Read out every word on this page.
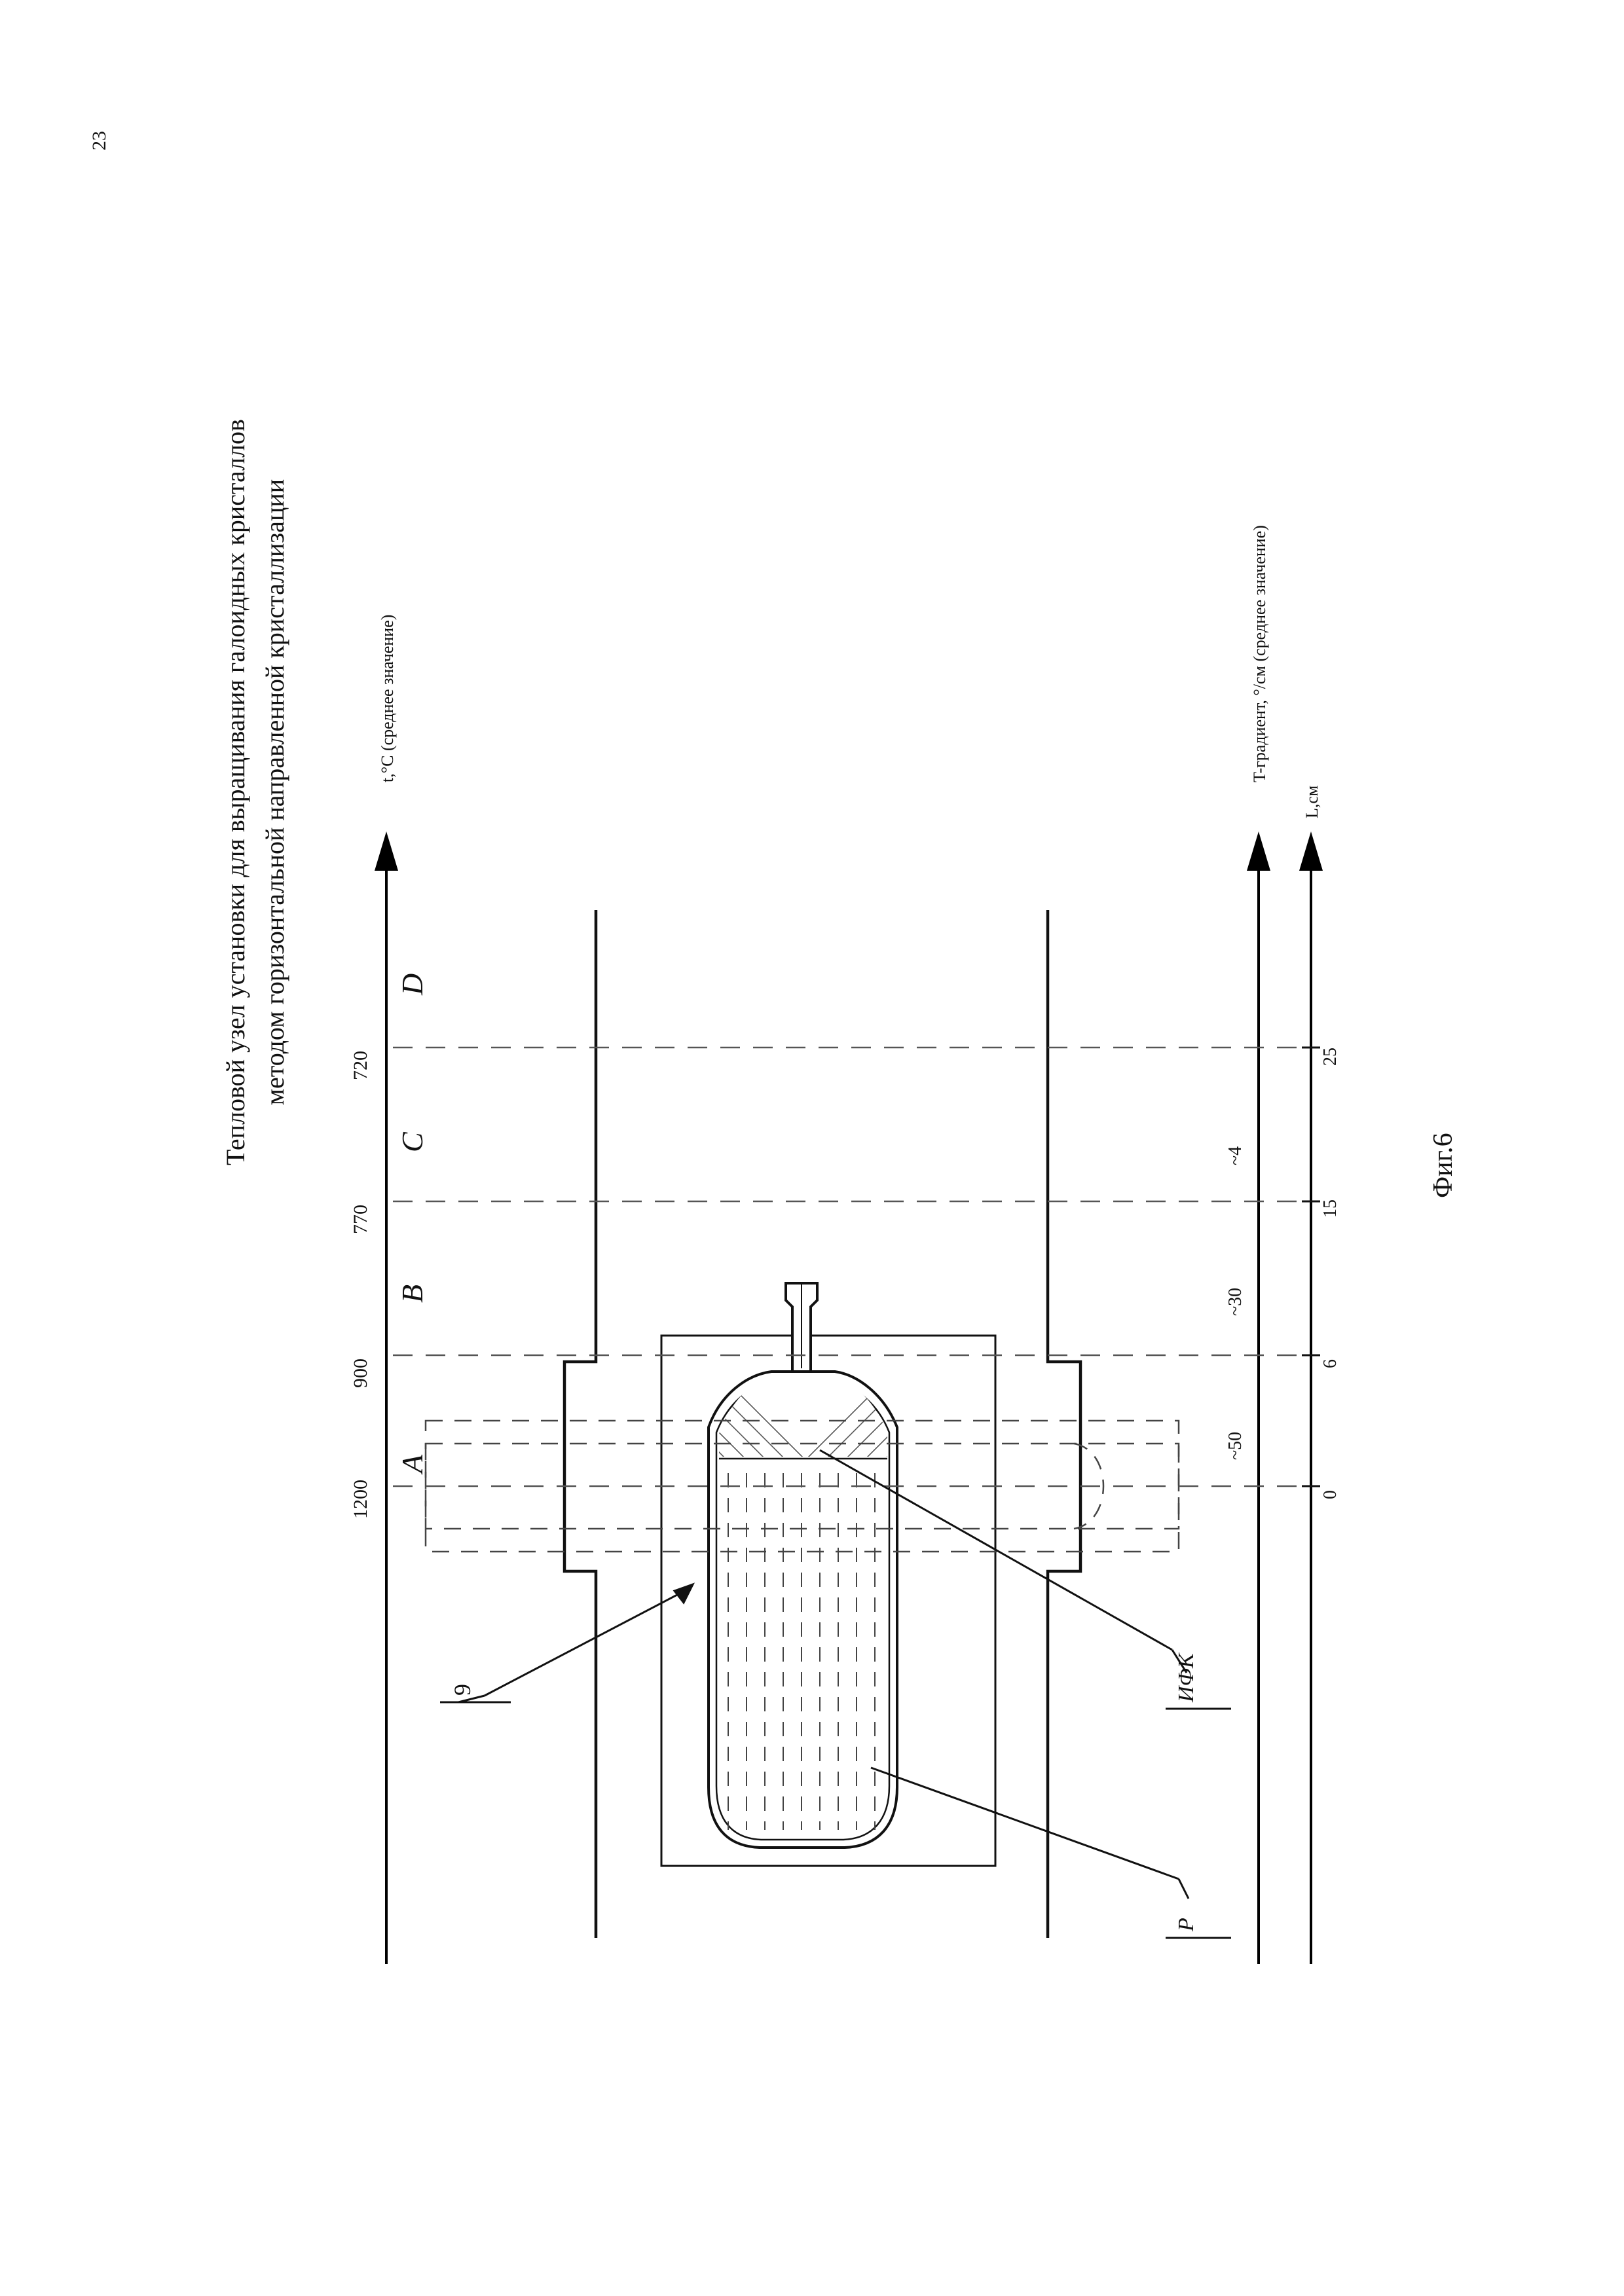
23
Тепловой узел установки для выращивания галоидных кристаллов методом горизонтальной направленной кристаллизации
Фиг.6
t,°C (среднее значение)	T-градиент, °/см (среднее значение)
L,см
A
B
C
D
1200
900
770
720
~50
~30
~4
0
6
15
25
9	ИФК
P
